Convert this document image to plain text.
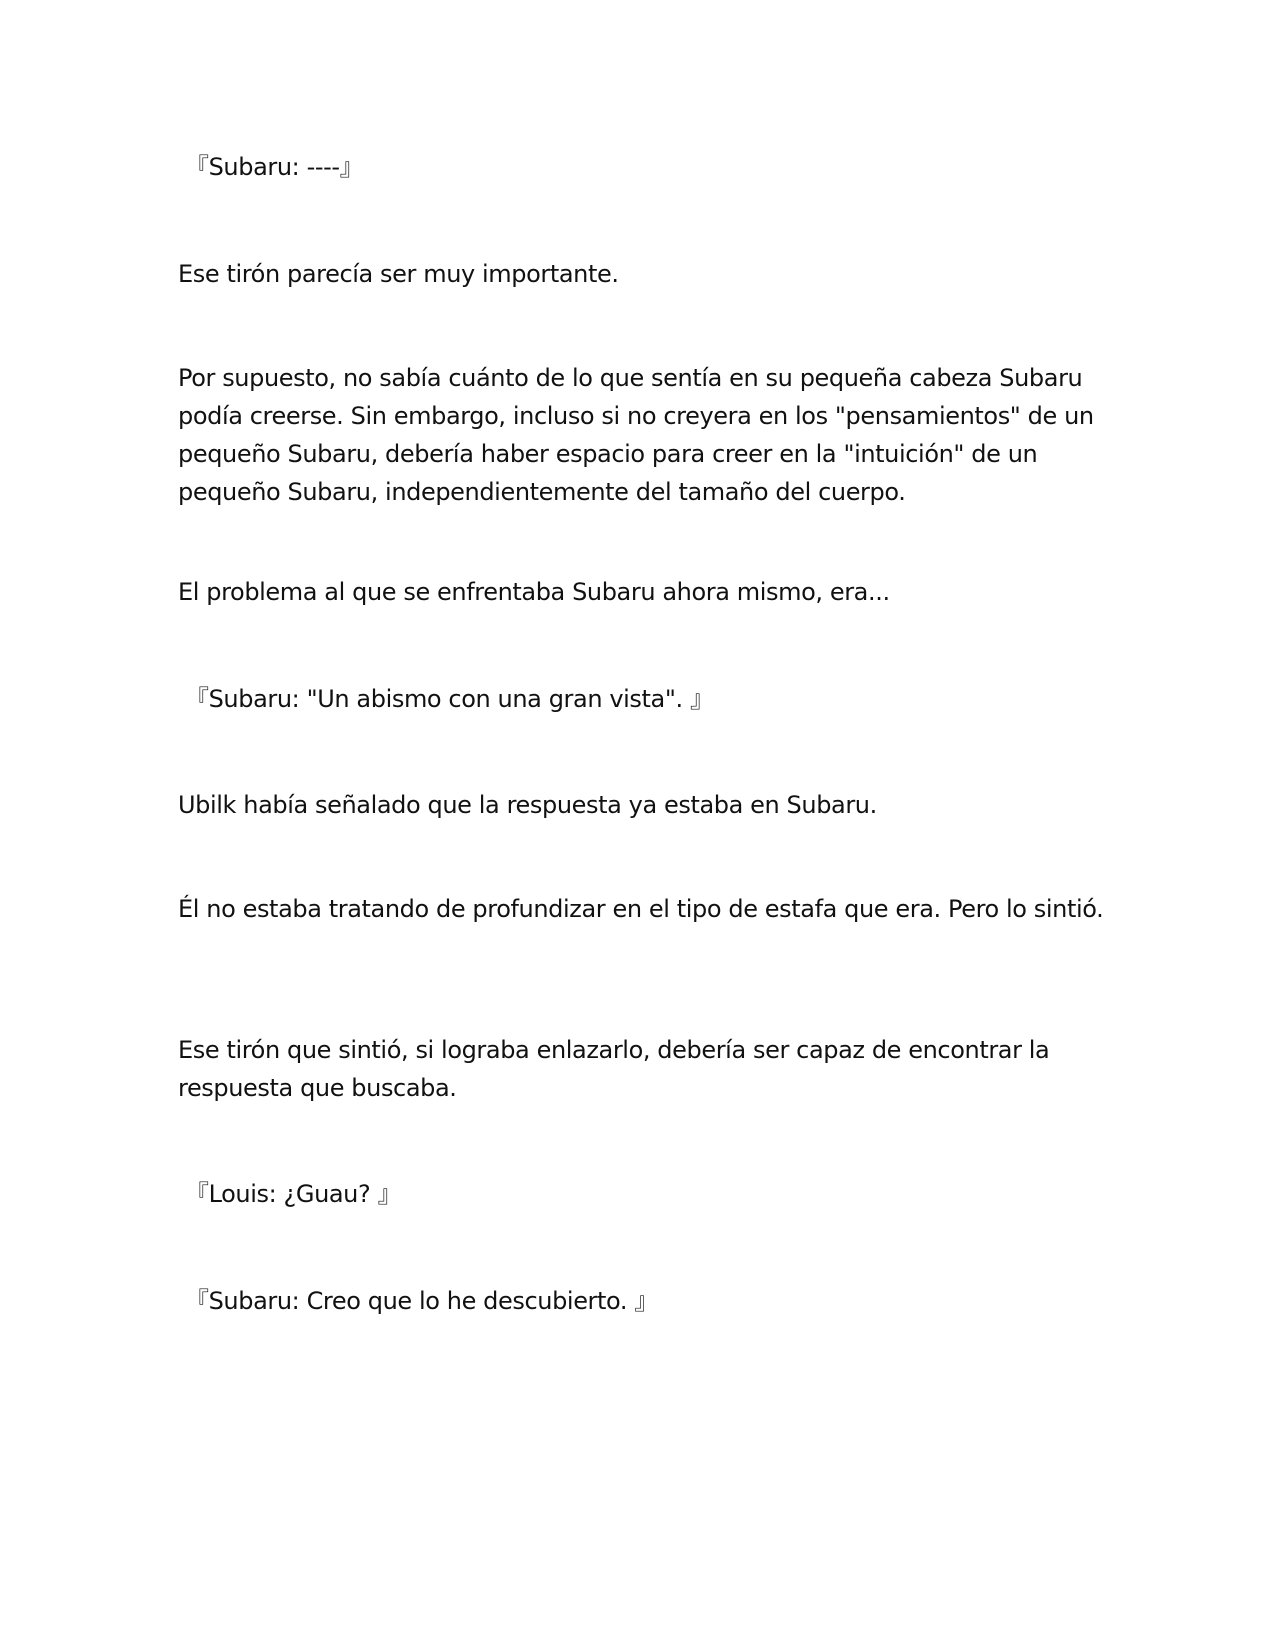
『Subaru: ----』

Ese tirón parecía ser muy importante.

Por supuesto, no sabía cuánto de lo que sentía en su pequeña cabeza Subaru podía creerse. Sin embargo, incluso si no creyera en los "pensamientos" de un pequeño Subaru, debería haber espacio para creer en la "intuición" de un pequeño Subaru, independientemente del tamaño del cuerpo.

El problema al que se enfrentaba Subaru ahora mismo, era...

『Subaru: "Un abismo con una gran vista". 』

Ubilk había señalado que la respuesta ya estaba en Subaru.

Él no estaba tratando de profundizar en el tipo de estafa que era. Pero lo sintió.

Ese tirón que sintió, si lograba enlazarlo, debería ser capaz de encontrar la respuesta que buscaba.

『Louis: ¿Guau? 』

『Subaru: Creo que lo he descubierto. 』
